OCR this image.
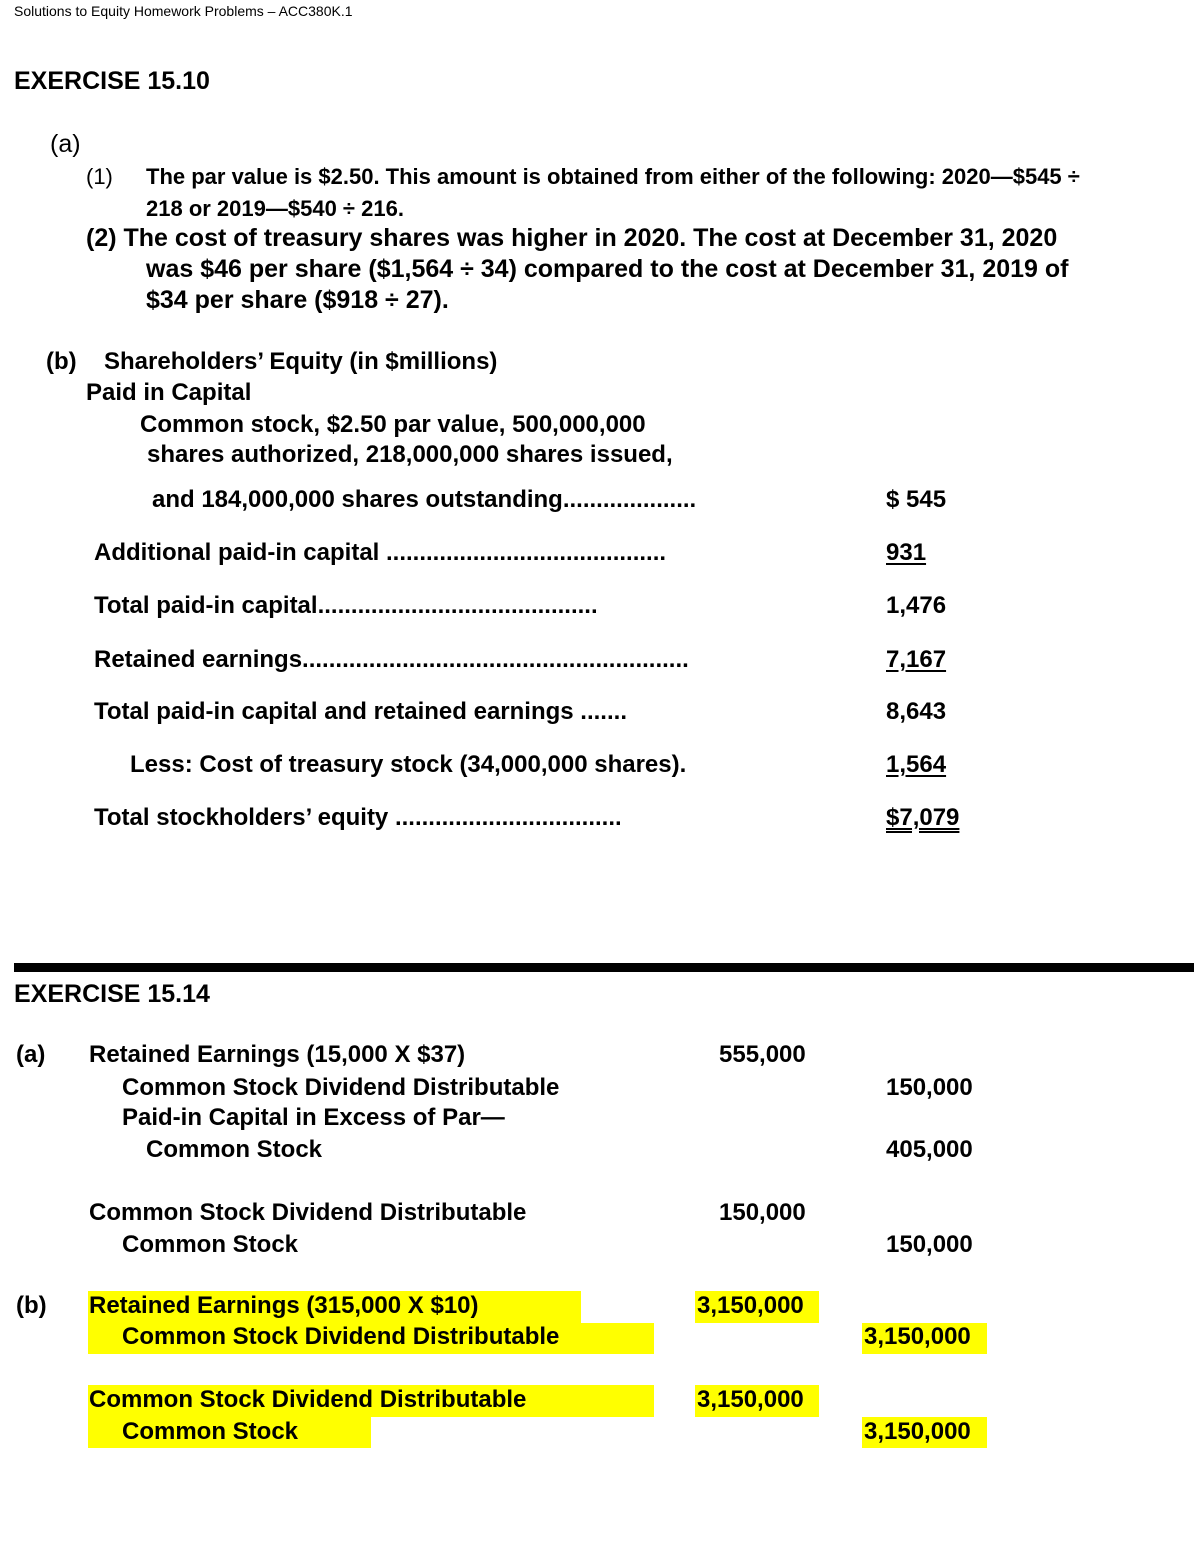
Solutions to Equity Homework Problems – ACC380K.1
EXERCISE 15.10
(a)
(1) The par value is $2.50. This amount is obtained from either of the following: 2020—$545 ÷
218 or 2019—$540 ÷ 216.
(2) The cost of treasury shares was higher in 2020. The cost at December 31, 2020
was $46 per share ($1,564 ÷ 34) compared to the cost at December 31, 2019 of
$34 per share ($918 ÷ 27).
(b) Shareholders’ Equity (in $millions)
Paid in Capital
Common stock, $2.50 par value, 500,000,000
shares authorized, 218,000,000 shares issued,
and 184,000,000 shares outstanding....................	$ 545
Additional paid-in capital ..........................................	931
Total paid-in capital..........................................	1,476
Retained earnings..........................................................	7,167
Total paid-in capital and retained earnings .......	8,643
Less: Cost of treasury stock (34,000,000 shares).	1,564
Total stockholders’ equity ..................................	$7,079
EXERCISE 15.14
(a) Retained Earnings (15,000 X $37)	555,000
Common Stock Dividend Distributable	150,000
Paid-in Capital in Excess of Par—
Common Stock	405,000
Common Stock Dividend Distributable	150,000
Common Stock	150,000
(b) Retained Earnings (315,000 X $10)	3,150,000
Common Stock Dividend Distributable	3,150,000
Common Stock Dividend Distributable	3,150,000
Common Stock	3,150,000
